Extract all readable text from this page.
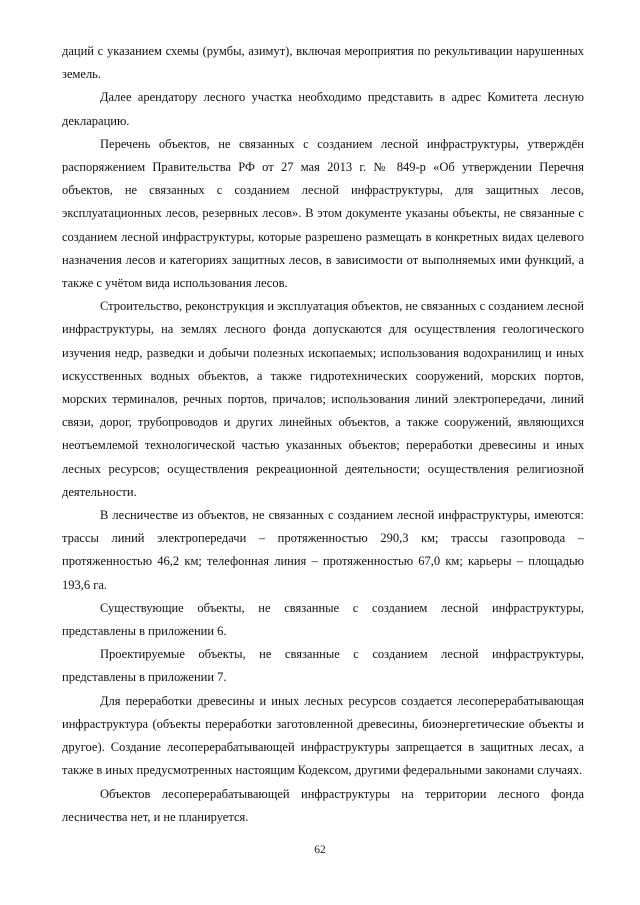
даций с указанием схемы (румбы, азимут), включая мероприятия по рекультивации нарушенных земель.

Далее арендатору лесного участка необходимо представить в адрес Комитета лесную декларацию.

Перечень объектов, не связанных с созданием лесной инфраструктуры, утверждён распоряжением Правительства РФ от 27 мая 2013 г. № 849-р «Об утверждении Перечня объектов, не связанных с созданием лесной инфраструктуры, для защитных лесов, эксплуатационных лесов, резервных лесов». В этом документе указаны объекты, не связанные с созданием лесной инфраструктуры, которые разрешено размещать в конкретных видах целевого назначения лесов и категориях защитных лесов, в зависимости от выполняемых ими функций, а также с учётом вида использования лесов.

Строительство, реконструкция и эксплуатация объектов, не связанных с созданием лесной инфраструктуры, на землях лесного фонда допускаются для осуществления геологического изучения недр, разведки и добычи полезных ископаемых; использования водохранилищ и иных искусственных водных объектов, а также гидротехнических сооружений, морских портов, морских терминалов, речных портов, причалов; использования линий электропередачи, линий связи, дорог, трубопроводов и других линейных объектов, а также сооружений, являющихся неотъемлемой технологической частью указанных объектов; переработки древесины и иных лесных ресурсов; осуществления рекреационной деятельности; осуществления религиозной деятельности.

В лесничестве из объектов, не связанных с созданием лесной инфраструктуры, имеются: трассы линий электропередачи – протяженностью 290,3 км; трассы газопровода – протяженностью 46,2 км; телефонная линия – протяженностью 67,0 км; карьеры – площадью 193,6 га.

Существующие объекты, не связанные с созданием лесной инфраструктуры, представлены в приложении 6.

Проектируемые объекты, не связанные с созданием лесной инфраструктуры, представлены в приложении 7.

Для переработки древесины и иных лесных ресурсов создается лесоперерабатывающая инфраструктура (объекты переработки заготовленной древесины, биоэнергетические объекты и другое). Создание лесоперерабатывающей инфраструктуры запрещается в защитных лесах, а также в иных предусмотренных настоящим Кодексом, другими федеральными законами случаях.

Объектов лесоперерабатывающей инфраструктуры на территории лесного фонда лесничества нет, и не планируется.

62
